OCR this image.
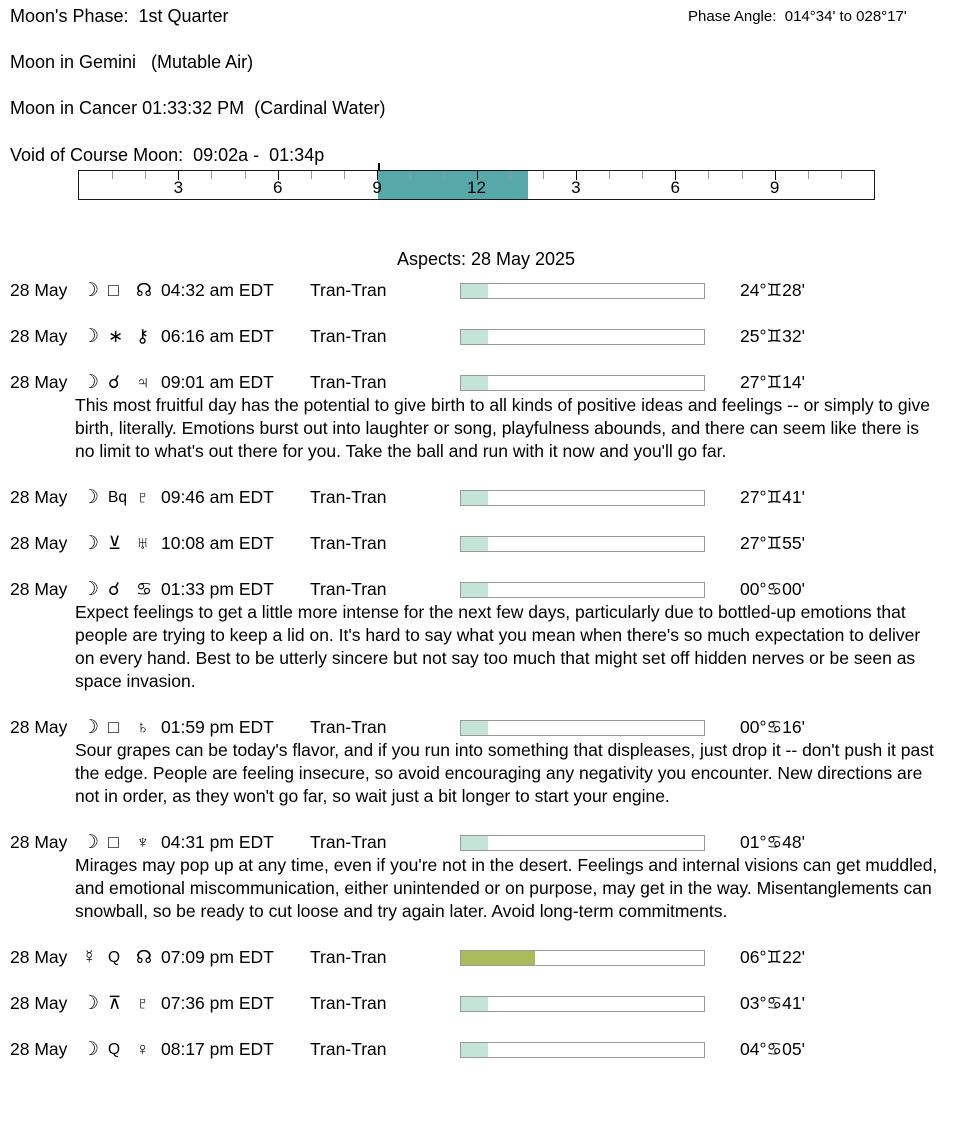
Moon's Phase:  1st Quarter	Phase Angle:  014°34' to 028°17'
Moon in Gemini   (Mutable Air)
Moon in Cancer 01:33:32 PM  (Cardinal Water)
Void of Course Moon:  09:02a -  01:34p
3	6	9	12	3	6	9
Aspects: 28 May 2025
28 May ☽ □ ☊ 04:32 am EDT Tran-Tran	24°♊28'
28 May ☽ ∗ ⚷ 06:16 am EDT Tran-Tran	25°♊32'
28 May ☽ ☌ ♃ 09:01 am EDT Tran-Tran	27°♊14'
This most fruitful day has the potential to give birth to all kinds of positive ideas and feelings -- or simply to give birth, literally. Emotions burst out into laughter or song, playfulness abounds, and there can seem like there is no limit to what's out there for you. Take the ball and run with it now and you'll go far.
28 May ☽ Bq ♇ 09:46 am EDT Tran-Tran	27°♊41'
28 May ☽ ⊻ ♅ 10:08 am EDT Tran-Tran	27°♊55'
28 May ☽ ☌ ♋ 01:33 pm EDT Tran-Tran	00°♋00'
Expect feelings to get a little more intense for the next few days, particularly due to bottled-up emotions that people are trying to keep a lid on. It's hard to say what you mean when there's so much expectation to deliver on every hand. Best to be utterly sincere but not say too much that might set off hidden nerves or be seen as space invasion.
28 May ☽ □ ♄ 01:59 pm EDT Tran-Tran	00°♋16'
Sour grapes can be today's flavor, and if you run into something that displeases, just drop it -- don't push it past the edge. People are feeling insecure, so avoid encouraging any negativity you encounter. New directions are not in order, as they won't go far, so wait just a bit longer to start your engine.
28 May ☽ □ ♆ 04:31 pm EDT Tran-Tran	01°♋48'
Mirages may pop up at any time, even if you're not in the desert. Feelings and internal visions can get muddled, and emotional miscommunication, either unintended or on purpose, may get in the way. Misentanglements can snowball, so be ready to cut loose and try again later. Avoid long-term commitments.
28 May ☿ Q ☊ 07:09 pm EDT Tran-Tran	06°♊22'
28 May ☽ ⊼ ♇ 07:36 pm EDT Tran-Tran	03°♋41'
28 May ☽ Q ♀ 08:17 pm EDT Tran-Tran	04°♋05'
